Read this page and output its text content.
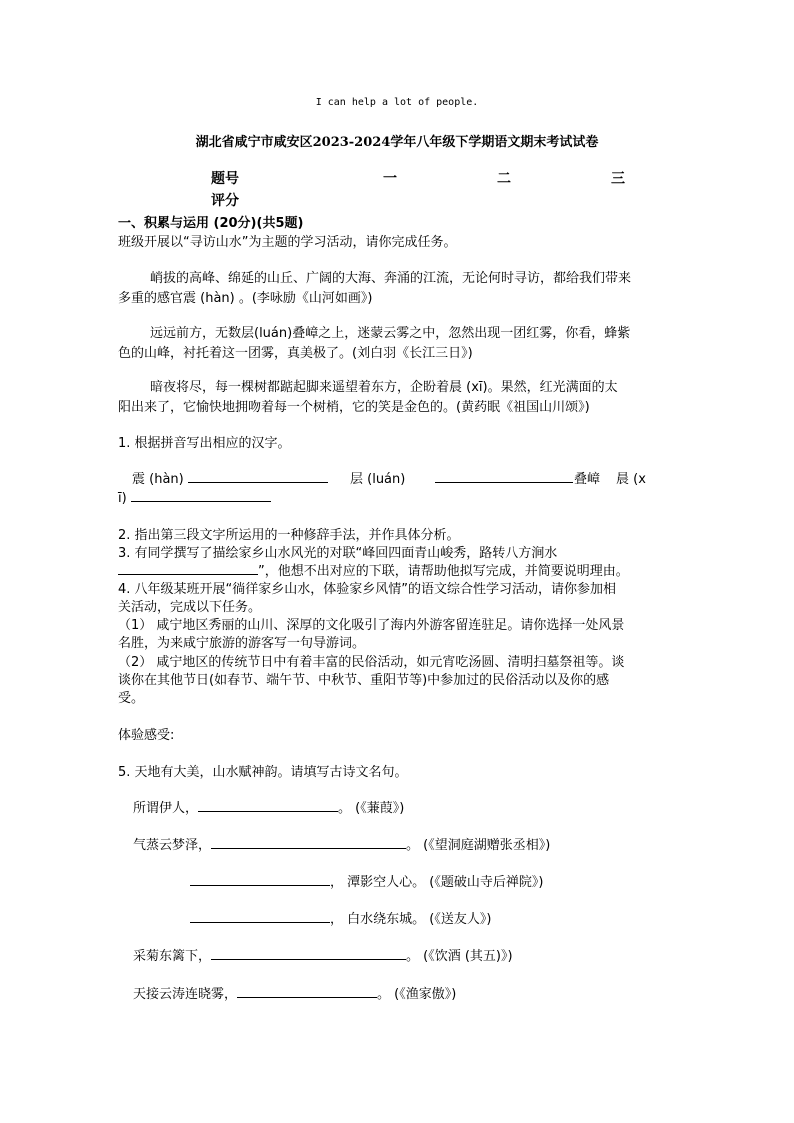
I can help a lot of people.
湖北省咸宁市咸安区2023-2024学年八年级下学期语文期末考试试卷
题号	一	二	三
评分
一、积累与运用 (20分)(共5题)
班级开展以“寻访山水”为主题的学习活动，请你完成任务。
峭拔的高峰、绵延的山丘、广阔的大海、奔涌的江流，无论何时寻访，都给我们带来
多重的感官震 (hàn) 。(李咏励《山河如画》)
远远前方，无数层(luán)叠嶂之上，迷蒙云雾之中，忽然出现一团红雾，你看，蜂紫
色的山峰，衬托着这一团雾，真美极了。(刘白羽《长江三日》)
暗夜将尽，每一棵树都踮起脚来遥望着东方，企盼着晨 (xī)。果然，红光满面的太
阳出来了，它愉快地拥吻着每一个树梢，它的笑是金色的。(黄药眠《祖国山川颂》)
1. 根据拼音写出相应的汉字。
震 (hàn)	层 (luán)	叠嶂 晨 (x
ī)
2. 指出第三段文字所运用的一种修辞手法，并作具体分析。
3. 有同学撰写了描绘家乡山水风光的对联“峰回四面青山峻秀，路转八方涧水
”，他想不出对应的下联，请帮助他拟写完成，并简要说明理由。
4. 八年级某班开展“徜徉家乡山水，体验家乡风情”的语文综合性学习活动，请你参加相
关活动，完成以下任务。
（1） 咸宁地区秀丽的山川、深厚的文化吸引了海内外游客留连驻足。请你选择一处风景
名胜，为来咸宁旅游的游客写一句导游词。
（2） 咸宁地区的传统节日中有着丰富的民俗活动，如元宵吃汤圆、清明扫墓祭祖等。谈
谈你在其他节日(如春节、端午节、中秋节、重阳节等)中参加过的民俗活动以及你的感
受。
体验感受:
5. 天地有大美，山水赋神韵。请填写古诗文名句。
所谓伊人，	。 (《蒹葭》)
气蒸云梦泽，	。 (《望洞庭湖赠张丞相》)
， 潭影空人心。 (《题破山寺后禅院》)
， 白水绕东城。 (《送友人》)
采菊东篱下，	。 (《饮酒 (其五)》)
天接云涛连晓雾，	。 (《渔家傲》)
